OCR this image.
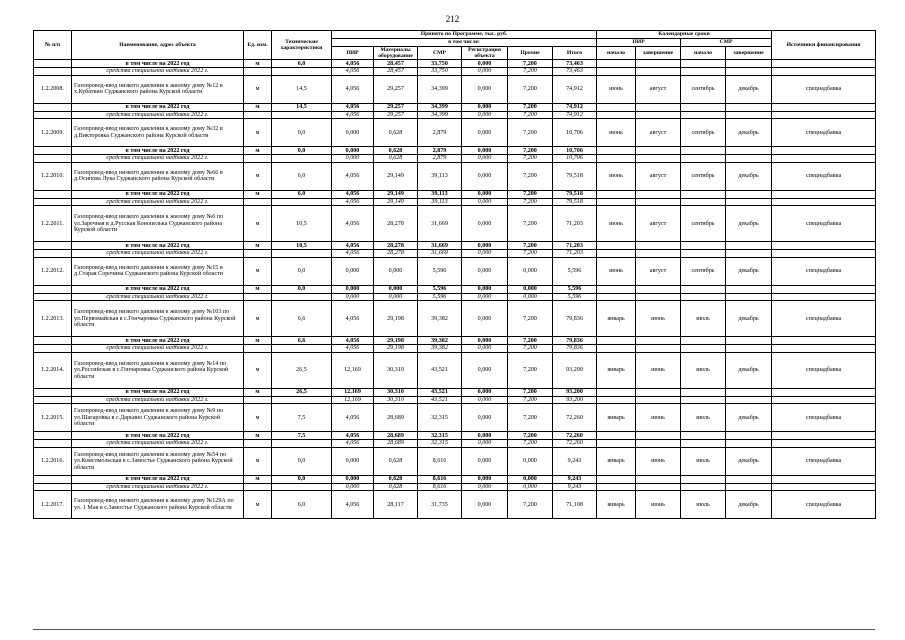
212
№ п/п	Наименование, адрес объекта	Ед. изм.	Технические характеристики	Принято по Программе, тыс. руб.						Календарные сроки				Источники финансирования
				в том числе:						ПИР		СМР		
				ПИР	Материалы оборудование	СМР	Регистрация объекта	Прочие	Итого	начало	завершение	начало	завершение	
	в том числе на 2022 год	м	6,0	4,056	28,457	33,750	0,000	7,200	73,463					
	средства специальной надбавки 2022 г.			4,056	28,457	33,750	0,000	7,200	73,463					
1.2.2008.	Газопровод-ввод низкого давления к жилому дому №12 в х.Кубаткин Суджанского района Курской области	м	14,5	4,056	29,257	34,399	0,000	7,200	74,912	июнь	август	сентябрь	декабрь	спецнадбавка
	в том числе на 2022 год	м	14,5	4,056	29,257	34,399	0,000	7,200	74,912					
	средства специальной надбавки 2022 г.			4,056	29,257	34,399	0,000	7,200	74,912					
1.2.2009.	Газопровод-ввод низкого давления к жилому дому №32 в д.Викторовка Суджанского района Курской области	м	0,0	0,000	0,628	2,879	0,000	7,200	10,706	июнь	август	сентябрь	декабрь	спецнадбавка
	в том числе на 2022 год	м	0,0	0,000	0,628	2,879	0,000	7,200	10,706					
	средства специальной надбавки 2022 г.			0,000	0,628	2,879	0,000	7,200	10,706					
1.2.2010.	Газопровод-ввод низкого давления к жилому дому №66 в д.Осипова Лука Суджанского района Курской области	м	6,0	4,056	29,149	39,113	0,000	7,200	79,518	июнь	август	сентябрь	декабрь	спецнадбавка
	в том числе на 2022 год	м	6,0	4,056	29,149	39,113	0,000	7,200	79,518					
	средства специальной надбавки 2022 г.			4,056	29,149	39,113	0,000	7,200	79,518					
1.2.2011.	Газопровод-ввод низкого давления к жилому дому №6 по ул.Заречная в д.Русская Конопелька Суджанского района Курской области	м	10,5	4,056	28,278	31,669	0,000	7,200	71,203	июнь	август	сентябрь	декабрь	спецнадбавка
	в том числе на 2022 год	м	10,5	4,056	28,278	31,669	0,000	7,200	71,203					
	средства специальной надбавки 2022 г.			4,056	28,278	31,669	0,000	7,200	71,203					
1.2.2012.	Газопровод-ввод низкого давления к жилому дому №15 в д.Старая Сорочина Суджанского района Курской области	м	0,0	0,000	0,000	5,596	0,000	0,000	5,596	июнь	август	сентябрь	декабрь	спецнадбавка
	в том числе на 2022 год	м	0,0	0,000	0,000	5,596	0,000	0,000	5,596					
	средства специальной надбавки 2022 г.			0,000	0,000	5,596	0,000	0,000	5,596					
1.2.2013.	Газопровод-ввод низкого давления к жилому дому №103 по ул.Первомайская в с.Гончаровка Суджанского района Курской области	м	6,6	4,056	29,198	39,382	0,000	7,200	79,836	январь	июнь	июль	декабрь	спецнадбавка
	в том числе на 2022 год	м	6,6	4,056	29,198	39,382	0,000	7,200	79,836					
	средства специальной надбавки 2022 г.			4,056	29,198	39,382	0,000	7,200	79,836					
1.2.2014.	Газопровод-ввод низкого давления к жилому дому №14 по ул.Российская в с.Гончаровка Суджанского района Курской области	м	26,5	12,169	30,310	43,521	0,000	7,200	93,200	январь	июнь	июль	декабрь	спецнадбавка
	в том числе на 2022 год	м	26,5	12,169	30,310	43,521	0,000	7,200	93,200					
	средства специальной надбавки 2022 г.			12,169	30,310	43,521	0,000	7,200	93,200					
1.2.2015.	Газопровод-ввод низкого давления к жилому дому №9 по ул.Шагаровка в с.Дарьино Суджанского района Курской области	м	7,5	4,056	28,689	32,315	0,000	7,200	72,260	январь	июнь	июль	декабрь	спецнадбавка
	в том числе на 2022 год	м	7,5	4,056	28,689	32,315	0,000	7,200	72,260					
	средства специальной надбавки 2022 г.			4,056	28,689	32,315	0,000	7,200	72,260					
1.2.2016.	Газопровод-ввод низкого давления к жилому дому №54 по ул.Комсомольская в с.Замостье Суджанского района Курской области	м	0,0	0,000	0,628	8,616	0,000	0,000	9,243	январь	июнь	июль	декабрь	спецнадбавка
	в том числе на 2022 год	м	0,0	0,000	0,628	8,616	0,000	0,000	9,243					
	средства специальной надбавки 2022 г.			0,000	0,628	8,616	0,000	0,000	9,243					
1.2.2017.	Газопровод-ввод низкого давления к жилому дому №129А по ул. 1 Мая в с.Замостье Суджанского района Курской области	м	6,0	4,056	28,117	31,735	0,000	7,200	71,108	январь	июнь	июль	декабрь	спецнадбавка
